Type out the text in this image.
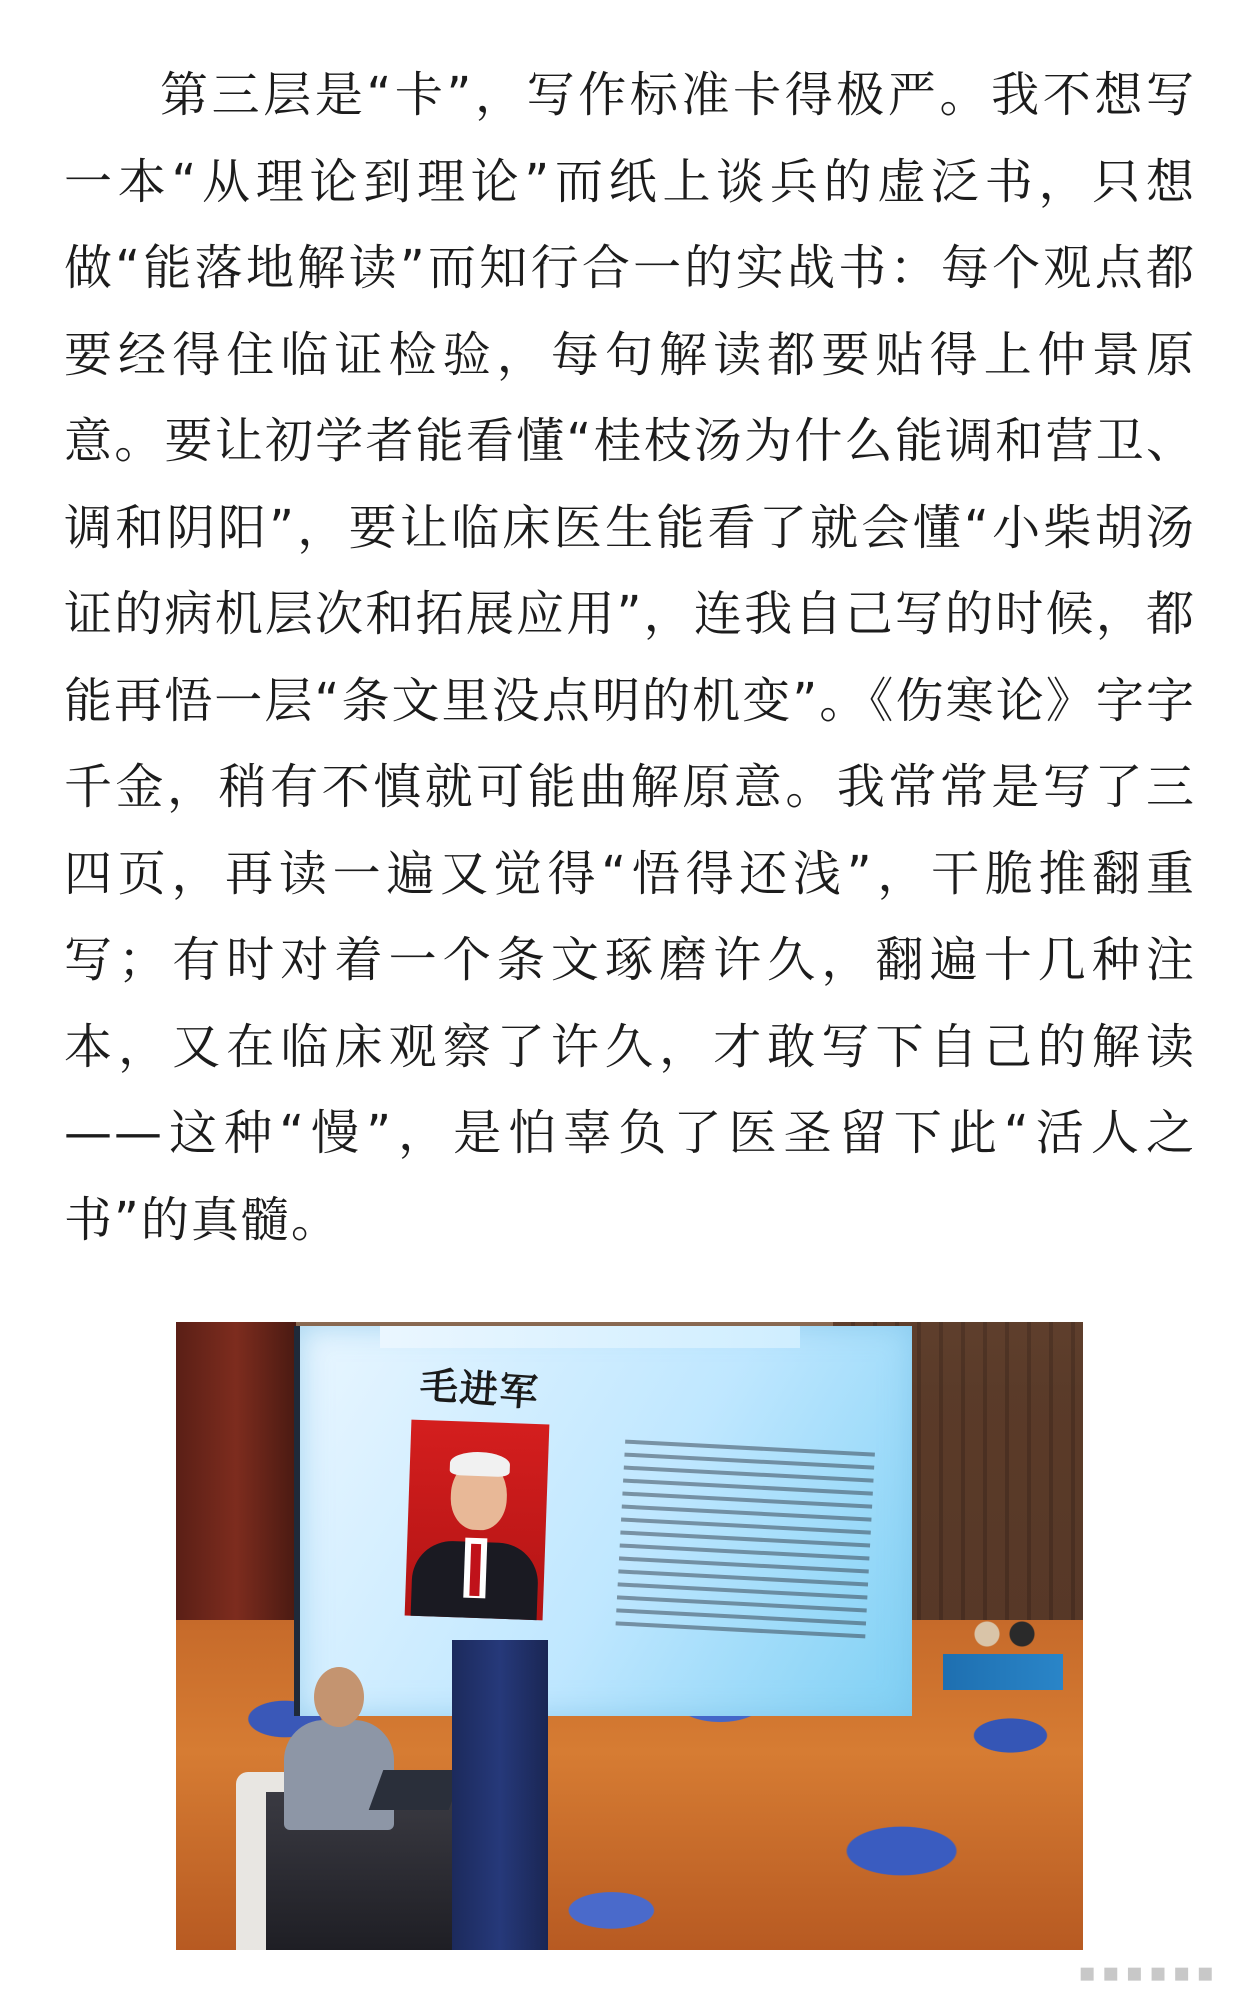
第三层是“卡”，写作标准卡得极严。我不想写一本“从理论到理论”而纸上谈兵的虚泛书，只想做“能落地解读”而知行合一的实战书：每个观点都要经得住临证检验，每句解读都要贴得上仲景原意。要让初学者能看懂“桂枝汤为什么能调和营卫、调和阴阳”，要让临床医生能看了就会懂“小柴胡汤证的病机层次和拓展应用”，连我自己写的时候，都能再悟一层“条文里没点明的机变”。《伤寒论》字字千金，稍有不慎就可能曲解原意。我常常是写了三四页，再读一遍又觉得“悟得还浅”，干脆推翻重写；有时对着一个条文琢磨许久，翻遍十几种注本，又在临床观察了许久，才敢写下自己的解读——这种“慢”，是怕辜负了医圣留下此“活人之书”的真髓。

毛进军
▪▪▪▪▪▪
